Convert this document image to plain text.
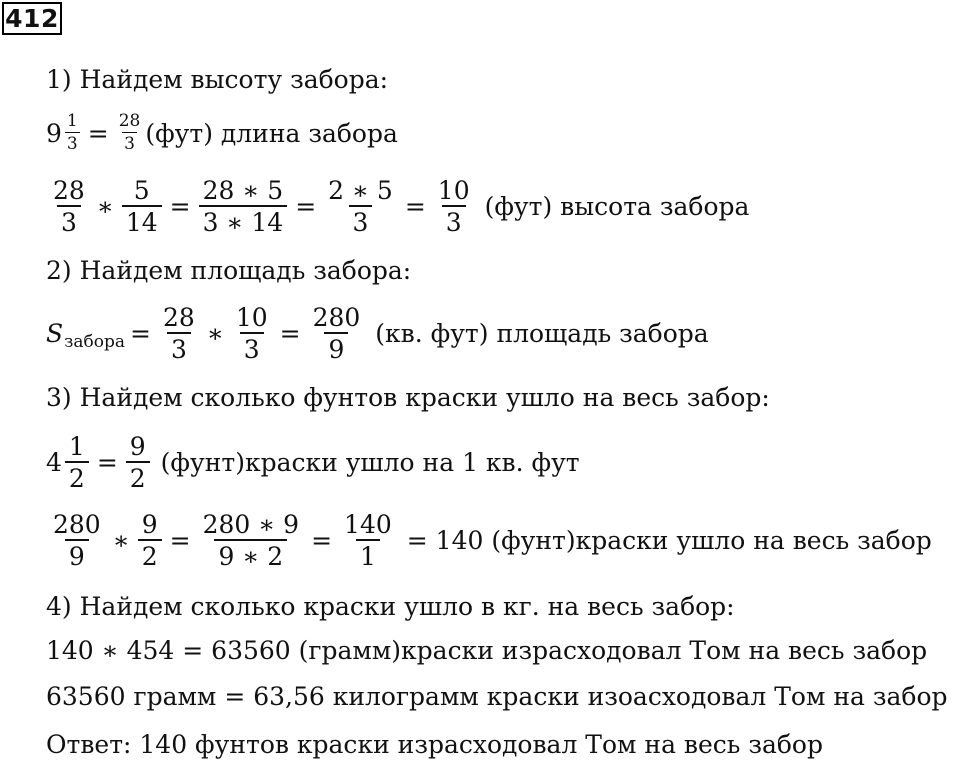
412
1) Найдем высоту забора:
$9 \frac{1}{3} = \frac{28}{3} (фут)$ длина забора
$\frac{28}{3}$ ∗ $\frac{5}{14} = \frac{28 ∗ 5}{3 ∗ 14} = \frac{2 ∗ 5}{3} = \frac{10}{3} (фут)$ высота забора
2) Найдем площадь забора:
S забора = $\frac{28}{3}$ ∗ $\frac{10}{3} = \frac{280}{9} (кв$. фут) площадь забора
3) Найдем сколько фунтов краски ушло на весь забор:
$4 \frac{1}{2} = \frac{9}{2}$ (фунт)краски ушло на 1 кв. фут
$\frac{280}{9}$ ∗ $\frac{9}{2} = \frac{280 ∗ 9}{9 ∗ 2} = \frac{140}{1} = 140$ (фунт)краски ушло на весь забор
4) Найдем сколько краски ушло в кг. на весь забор:
140 ∗ 454 = 63560 (грамм)краски израсходовал Том на весь забор
63560 грамм = 63,56 килограмм краски изоасходовал Том на забор
Ответ: 140 фунтов краски израсходовал Том на весь забор
